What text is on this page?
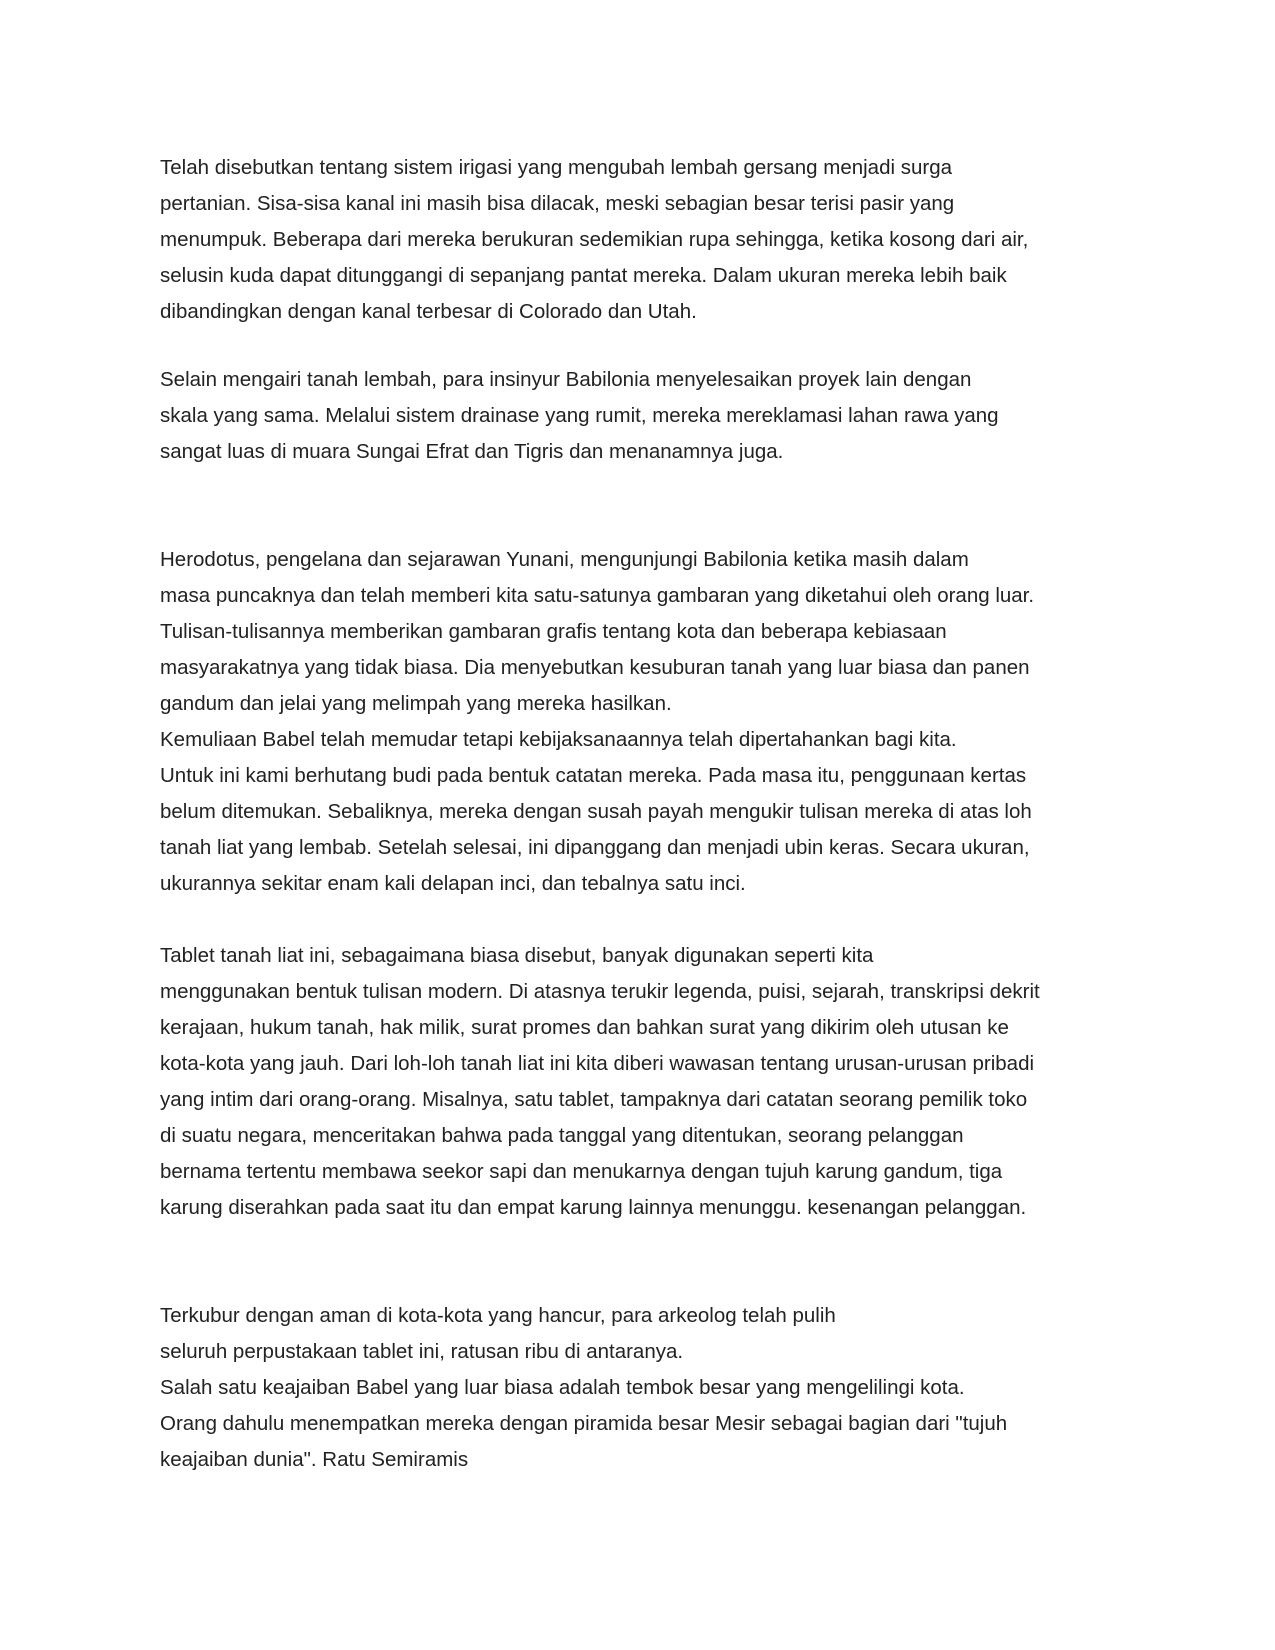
Telah disebutkan tentang sistem irigasi yang mengubah lembah gersang menjadi surga
pertanian. Sisa-sisa kanal ini masih bisa dilacak, meski sebagian besar terisi pasir yang
menumpuk. Beberapa dari mereka berukuran sedemikian rupa sehingga, ketika kosong dari air,
selusin kuda dapat ditunggangi di sepanjang pantat mereka. Dalam ukuran mereka lebih baik
dibandingkan dengan kanal terbesar di Colorado dan Utah.

Selain mengairi tanah lembah, para insinyur Babilonia menyelesaikan proyek lain dengan
skala yang sama. Melalui sistem drainase yang rumit, mereka mereklamasi lahan rawa yang
sangat luas di muara Sungai Efrat dan Tigris dan menanamnya juga.

Herodotus, pengelana dan sejarawan Yunani, mengunjungi Babilonia ketika masih dalam
masa puncaknya dan telah memberi kita satu-satunya gambaran yang diketahui oleh orang luar.
Tulisan-tulisannya memberikan gambaran grafis tentang kota dan beberapa kebiasaan
masyarakatnya yang tidak biasa. Dia menyebutkan kesuburan tanah yang luar biasa dan panen
gandum dan jelai yang melimpah yang mereka hasilkan.

Kemuliaan Babel telah memudar tetapi kebijaksanaannya telah dipertahankan bagi kita.
Untuk ini kami berhutang budi pada bentuk catatan mereka. Pada masa itu, penggunaan kertas
belum ditemukan. Sebaliknya, mereka dengan susah payah mengukir tulisan mereka di atas loh
tanah liat yang lembab. Setelah selesai, ini dipanggang dan menjadi ubin keras. Secara ukuran,
ukurannya sekitar enam kali delapan inci, dan tebalnya satu inci.

Tablet tanah liat ini, sebagaimana biasa disebut, banyak digunakan seperti kita
menggunakan bentuk tulisan modern. Di atasnya terukir legenda, puisi, sejarah, transkripsi dekrit
kerajaan, hukum tanah, hak milik, surat promes dan bahkan surat yang dikirim oleh utusan ke
kota-kota yang jauh. Dari loh-loh tanah liat ini kita diberi wawasan tentang urusan-urusan pribadi
yang intim dari orang-orang. Misalnya, satu tablet, tampaknya dari catatan seorang pemilik toko
di suatu negara, menceritakan bahwa pada tanggal yang ditentukan, seorang pelanggan
bernama tertentu membawa seekor sapi dan menukarnya dengan tujuh karung gandum, tiga
karung diserahkan pada saat itu dan empat karung lainnya menunggu. kesenangan pelanggan.

Terkubur dengan aman di kota-kota yang hancur, para arkeolog telah pulih
seluruh perpustakaan tablet ini, ratusan ribu di antaranya.

Salah satu keajaiban Babel yang luar biasa adalah tembok besar yang mengelilingi kota.
Orang dahulu menempatkan mereka dengan piramida besar Mesir sebagai bagian dari "tujuh
keajaiban dunia". Ratu Semiramis
